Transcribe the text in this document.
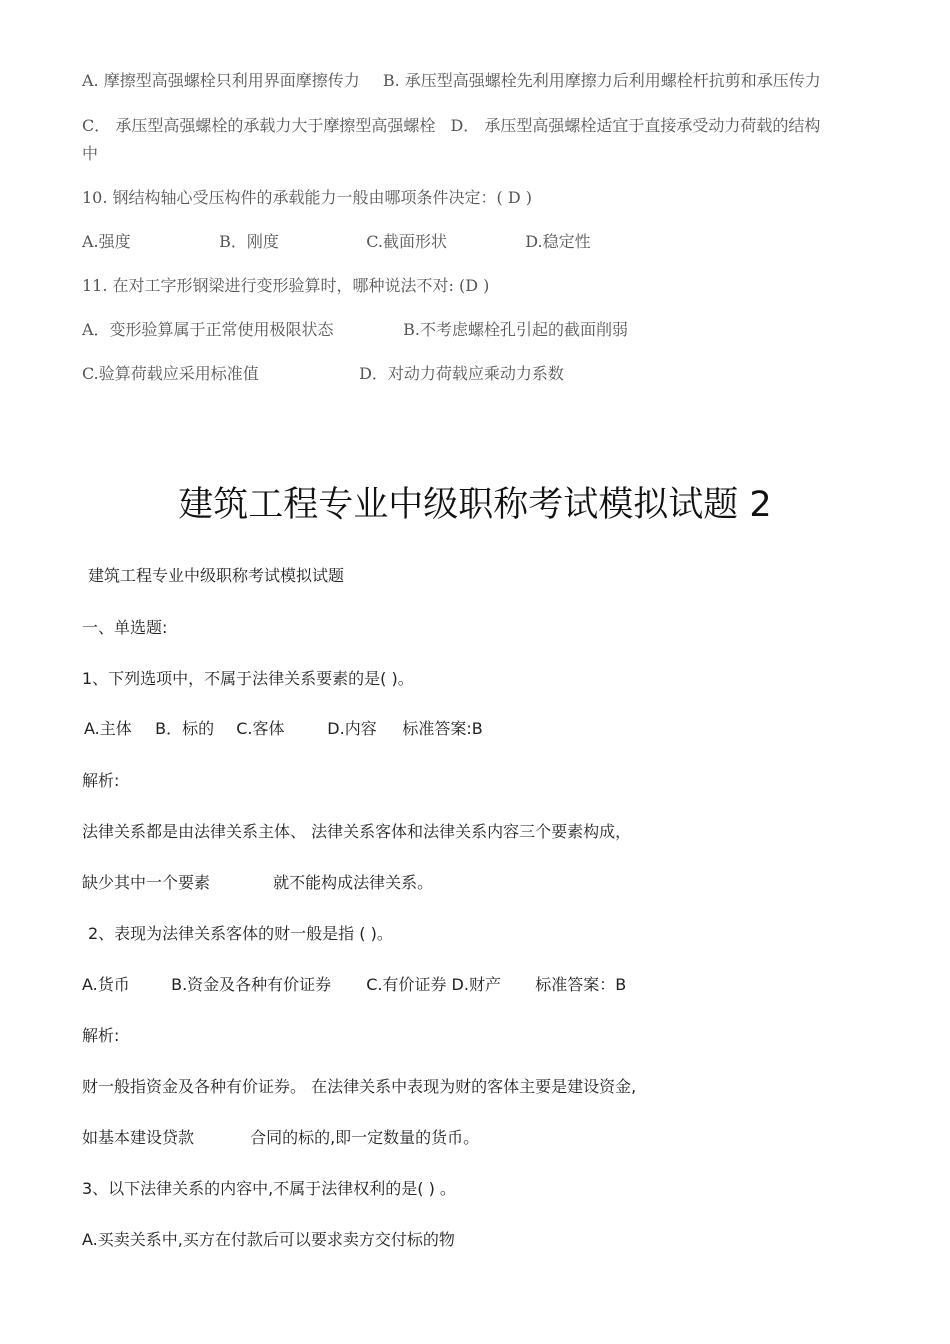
A. 摩擦型高强螺栓只利用界面摩擦传力 B. 承压型高强螺栓先利用摩擦力后利用螺栓杆抗剪和承压传力
C． 承压型高强螺栓的承载力大于摩擦型高强螺栓 D． 承压型高强螺栓适宜于直接承受动力荷载的结构
中
10. 钢结构轴心受压构件的承载能力一般由哪项条件决定：( D )
A.强度	B．刚度	C.截面形状	D.稳定性
11. 在对工字形钢梁进行变形验算时，哪种说法不对: (D )
A．变形验算属于正常使用极限状态	B.不考虑螺栓孔引起的截面削弱
C.验算荷载应采用标准值	D．对动力荷载应乘动力系数
建筑工程专业中级职称考试模拟试题 2
建筑工程专业中级职称考试模拟试题
一、单选题:
1、下列选项中，不属于法律关系要素的是( )。
A.主体 B．标的 C.客体	D.内容 标准答案:B
解析:
法律关系都是由法律关系主体、 法律关系客体和法律关系内容三个要素构成，
缺少其中一个要素	就不能构成法律关系。
2、表现为法律关系客体的财一般是指 ( )。
A.货币	B.资金及各种有价证券 C.有价证券 D.财产 标准答案：B
解析:
财一般指资金及各种有价证券。 在法律关系中表现为财的客体主要是建设资金,
如基本建设贷款	合同的标的,即一定数量的货币。
3、以下法律关系的内容中,不属于法律权利的是( ) 。
A.买卖关系中,买方在付款后可以要求卖方交付标的物
